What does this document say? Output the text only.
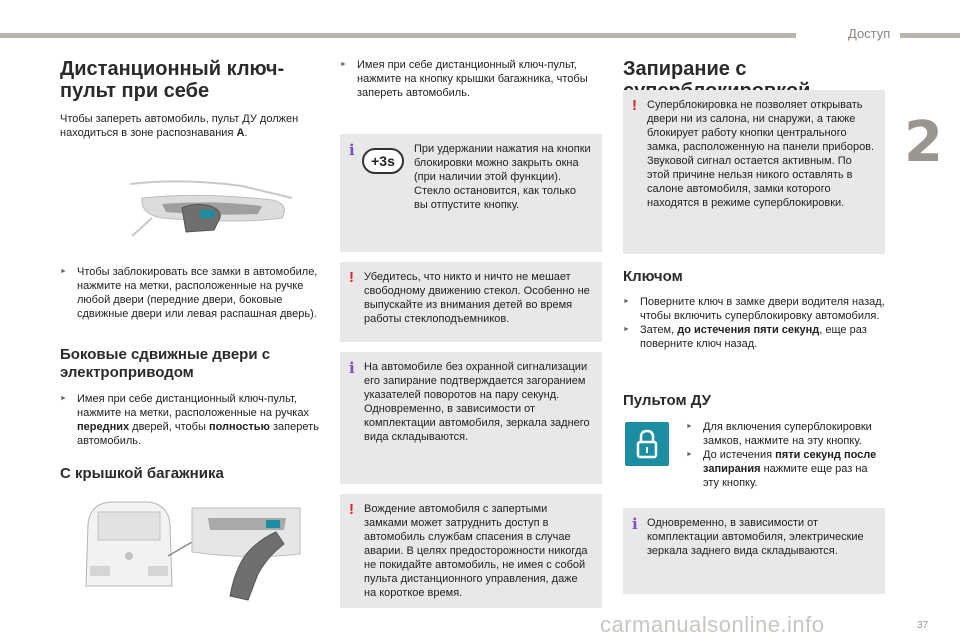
Доступ
2
37
carmanualsonline.info
Дистанционный ключ-пульт при себе

Чтобы запереть автомобиль, пульт ДУ должен находиться в зоне распознавания A.

► Чтобы заблокировать все замки в автомобиле, нажмите на метки, расположенные на ручке любой двери (передние двери, боковые сдвижные двери или левая распашная дверь).
Боковые сдвижные двери с электроприводом
► Имея при себе дистанционный ключ-пульт, нажмите на метки, расположенные на ручках передних дверей, чтобы полностью запереть автомобиль.
С крышкой багажника
► Имея при себе дистанционный ключ-пульт, нажмите на кнопку крышки багажника, чтобы запереть автомобиль.
i
+3s
При удержании нажатия на кнопки блокировки можно закрыть окна (при наличии этой функции). Стекло остановится, как только вы отпустите кнопку.
! Убедитесь, что никто и ничто не мешает свободному движению стекол. Особенно не выпускайте из внимания детей во время работы стеклоподъемников.
i На автомобиле без охранной сигнализации его запирание подтверждается загоранием указателей поворотов на пару секунд. Одновременно, в зависимости от комплектации автомобиля, зеркала заднего вида складываются.
! Вождение автомобиля с запертыми замками может затруднить доступ в автомобиль службам спасения в случае аварии. В целях предосторожности никогда не покидайте автомобиль, не имея с собой пульта дистанционного управления, даже на короткое время.
Запирание с
! Суперблокировка не позволяет открывать двери ни из салона, ни снаружи, а также блокирует работу кнопки центрального замка, расположенную на панели приборов. Звуковой сигнал остается активным. По этой причине нельзя никого оставлять в салоне автомобиля, замки которого находятся в режиме суперблокировки.
Ключом
► Поверните ключ в замке двери водителя назад, чтобы включить суперблокировку автомобиля.
► Затем, до истечения пяти секунд, еще раз поверните ключ назад.
Пультом ДУ
► Для включения суперблокировки замков, нажмите на эту кнопку.
► До истечения пяти секунд после запирания нажмите еще раз на эту кнопку.
i Одновременно, в зависимости от комплектации автомобиля, электрические зеркала заднего вида складываются.
